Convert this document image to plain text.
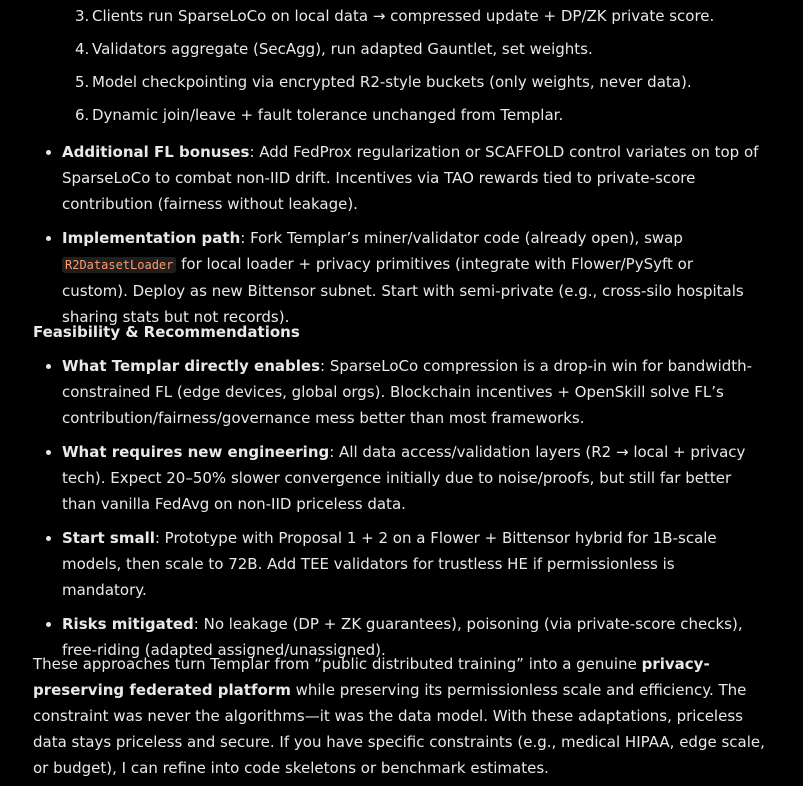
3. Clients run SparseLoCo on local data → compressed update + DP/ZK private score.
4. Validators aggregate (SecAgg), run adapted Gauntlet, set weights.
5. Model checkpointing via encrypted R2-style buckets (only weights, never data).
6. Dynamic join/leave + fault tolerance unchanged from Templar.
Additional FL bonuses: Add FedProx regularization or SCAFFOLD control variates on top of SparseLoCo to combat non-IID drift. Incentives via TAO rewards tied to private-score contribution (fairness without leakage).
Implementation path: Fork Templar’s miner/validator code (already open), swap R2DatasetLoader for local loader + privacy primitives (integrate with Flower/PySyft or custom). Deploy as new Bittensor subnet. Start with semi-private (e.g., cross-silo hospitals sharing stats but not records).
Feasibility & Recommendations
What Templar directly enables: SparseLoCo compression is a drop-in win for bandwidth-constrained FL (edge devices, global orgs). Blockchain incentives + OpenSkill solve FL’s contribution/fairness/governance mess better than most frameworks.
What requires new engineering: All data access/validation layers (R2 → local + privacy tech). Expect 20–50% slower convergence initially due to noise/proofs, but still far better than vanilla FedAvg on non-IID priceless data.
Start small: Prototype with Proposal 1 + 2 on a Flower + Bittensor hybrid for 1B-scale models, then scale to 72B. Add TEE validators for trustless HE if permissionless is mandatory.
Risks mitigated: No leakage (DP + ZK guarantees), poisoning (via private-score checks), free-riding (adapted assigned/unassigned).
These approaches turn Templar from “public distributed training” into a genuine privacy-preserving federated platform while preserving its permissionless scale and efficiency. The constraint was never the algorithms—it was the data model. With these adaptations, priceless data stays priceless and secure. If you have specific constraints (e.g., medical HIPAA, edge scale, or budget), I can refine into code skeletons or benchmark estimates.
